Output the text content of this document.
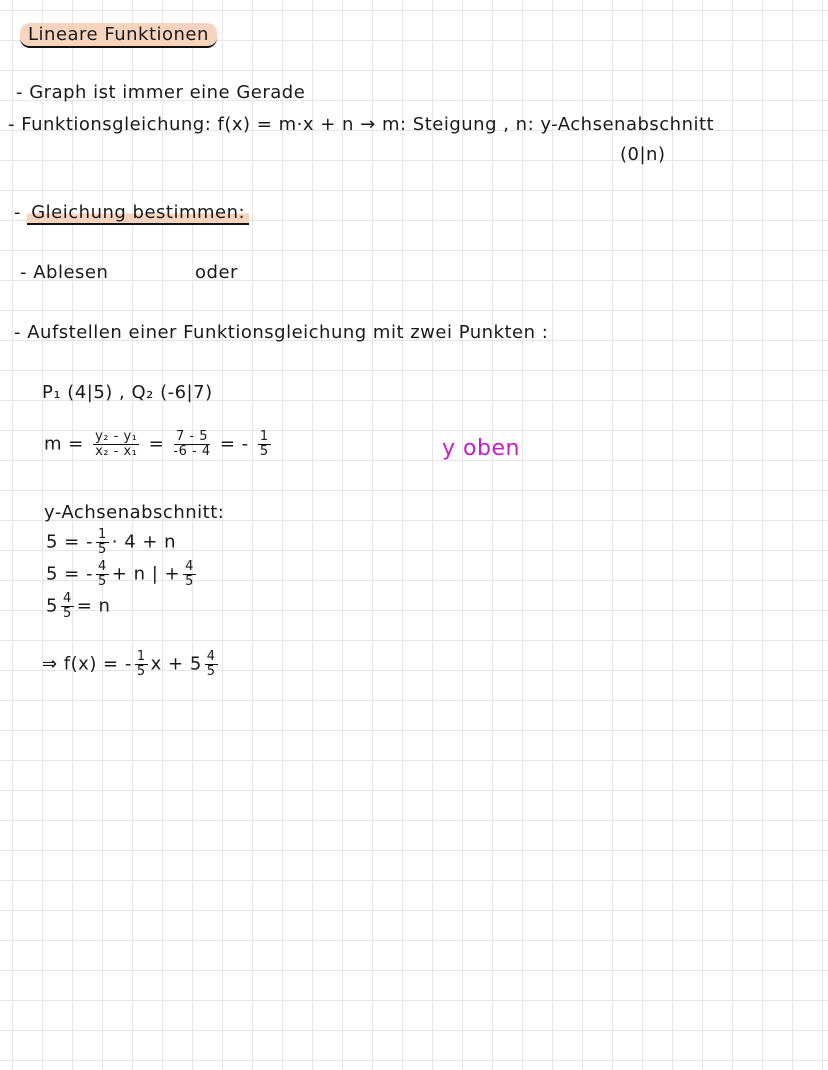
Lineare Funktionen
- Graph ist immer eine Gerade
- Funktionsgleichung: f(x) = m·x + n → m: Steigung , n: y-Achsenabschnitt
(0|n)
- Gleichung bestimmen:
- Ablesen	oder
- Aufstellen einer Funktionsgleichung mit zwei Punkten :
P₁ (4|5) , Q₂ (-6|7)
$m = \frac{\text{y₂ - y₁}}{\text{x₂ - x₁}} = \frac{7 - 5}{-6 - 4}$ = - $\frac{1}{5}$	y oben
y-Achsenabschnitt:
5 = - $\frac{1}{5} \cdot 4 + n$
5 = - $\frac{4}{5} + n$ | + $\frac{4}{5}$
$5 \frac{4}{5} = n$
⇒ f(x) = - $\frac{1}{5}$ $x + 5 \frac{4}{5}$
